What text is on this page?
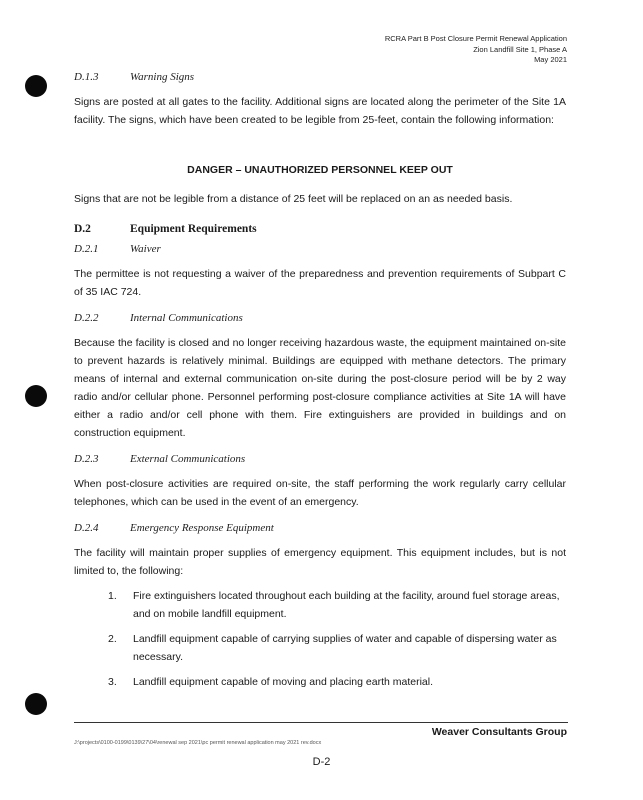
RCRA Part B Post Closure Permit Renewal Application
Zion Landfill Site 1, Phase A
May 2021
D.1.3	Warning Signs
Signs are posted at all gates to the facility. Additional signs are located along the perimeter of the Site 1A facility. The signs, which have been created to be legible from 25-feet, contain the following information:
DANGER – UNAUTHORIZED PERSONNEL KEEP OUT
Signs that are not be legible from a distance of 25 feet will be replaced on an as needed basis.
D.2	Equipment Requirements
D.2.1	Waiver
The permittee is not requesting a waiver of the preparedness and prevention requirements of Subpart C of 35 IAC 724.
D.2.2	Internal Communications
Because the facility is closed and no longer receiving hazardous waste, the equipment maintained on-site to prevent hazards is relatively minimal. Buildings are equipped with methane detectors. The primary means of internal and external communication on-site during the post-closure period will be by 2 way radio and/or cellular phone. Personnel performing post-closure compliance activities at Site 1A will have either a radio and/or cell phone with them. Fire extinguishers are provided in buildings and on construction equipment.
D.2.3	External Communications
When post-closure activities are required on-site, the staff performing the work regularly carry cellular telephones, which can be used in the event of an emergency.
D.2.4	Emergency Response Equipment
The facility will maintain proper supplies of emergency equipment. This equipment includes, but is not limited to, the following:
1. Fire extinguishers located throughout each building at the facility, around fuel storage areas, and on mobile landfill equipment.
2. Landfill equipment capable of carrying supplies of water and capable of dispersing water as necessary.
3. Landfill equipment capable of moving and placing earth material.
Weaver Consultants Group
J:\projects\0100-0199\0139\27\04\renewal sep 2021\pc permit renewal application may 2021 rev.docx
D-2
